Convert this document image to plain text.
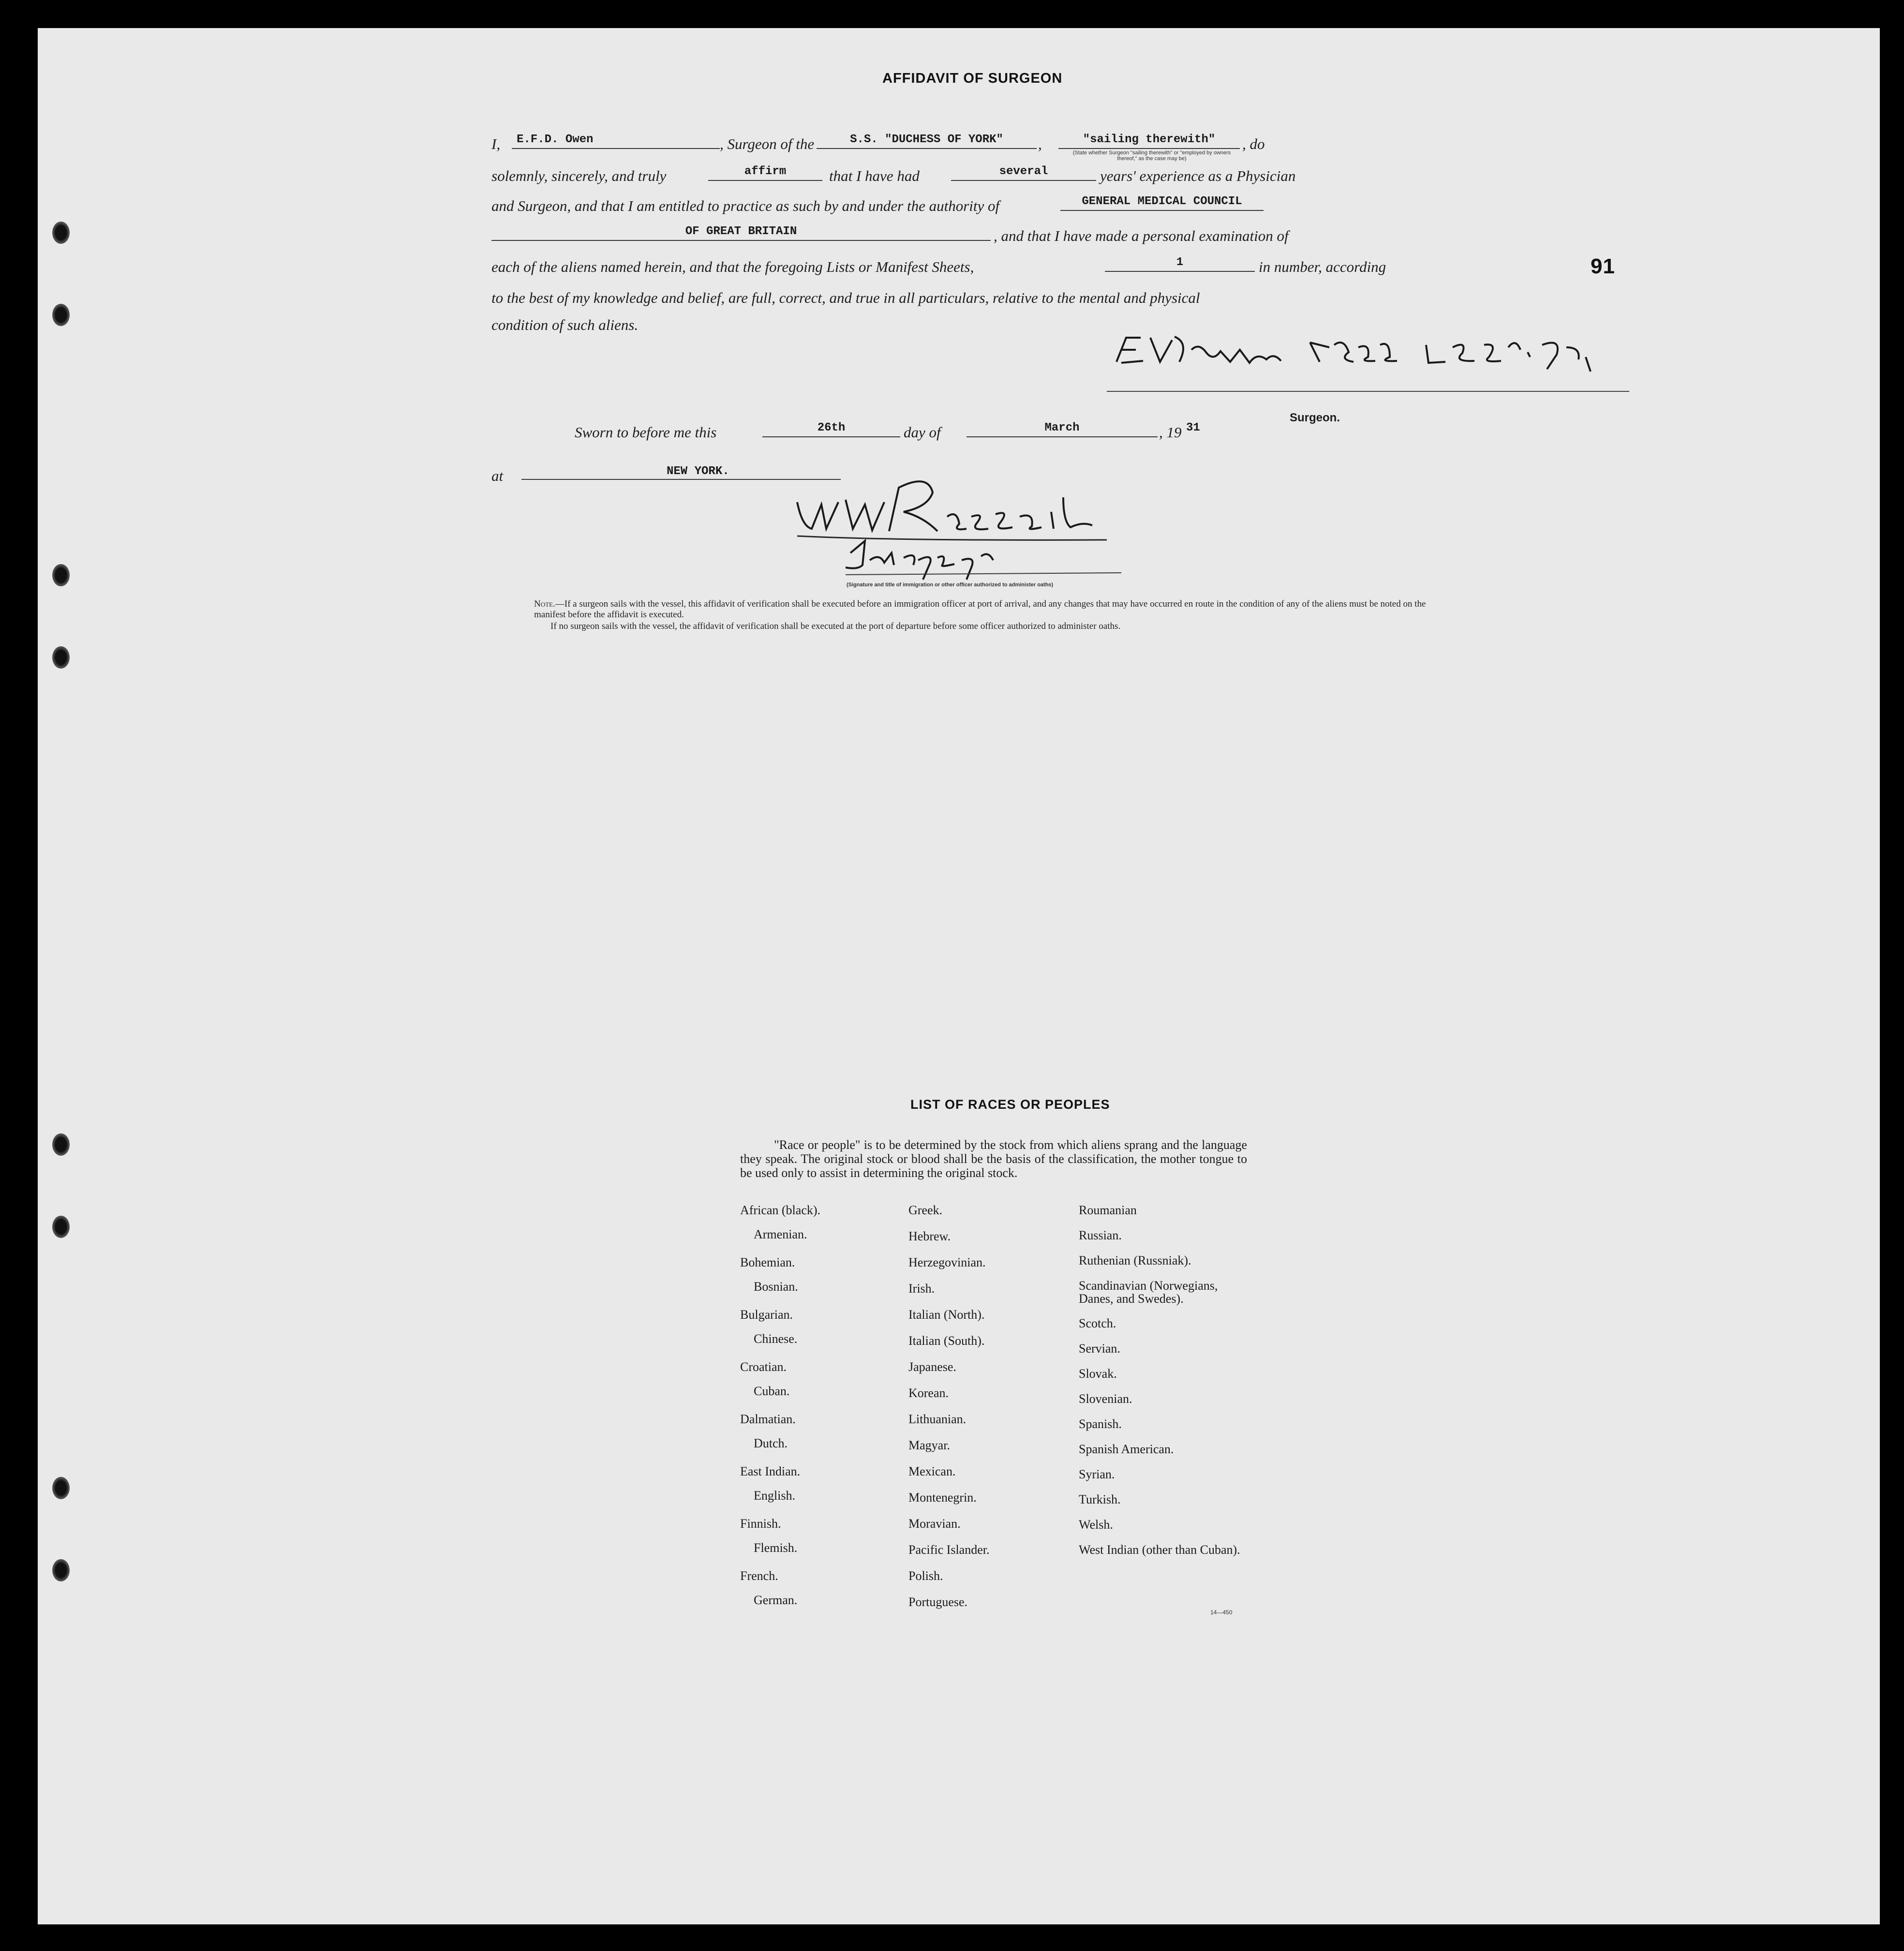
AFFIDAVIT OF SURGEON
91
I,	E.F.D. Owen	, Surgeon of the	S.S. "DUCHESS OF YORK"	,	"sailing therewith"	, do
(State whether Surgeon "sailing therewith" or "employed by owners thereof," as the case may be)
solemnly, sincerely, and truly	affirm	that I have had	several	years' experience as a Physician
and Surgeon, and that I am entitled to practice as such by and under the authority of	GENERAL MEDICAL COUNCIL
OF GREAT BRITAIN	, and that I have made a personal examination of
each of the aliens named herein, and that the foregoing Lists or Manifest Sheets,	1	in number, according
to the best of my knowledge and belief, are full, correct, and true in all particulars, relative to the mental and physical
condition of such aliens.
Surgeon.
Sworn to before me this	26th	day of	March	, 19 31
at	NEW YORK.
(Signature and title of immigration or other officer authorized to administer oaths)
Note.—If a surgeon sails with the vessel, this affidavit of verification shall be executed before an immigration officer at port of arrival, and any changes that may have occurred en route in the condition of any of the aliens must be noted on the manifest before the affidavit is executed.
If no surgeon sails with the vessel, the affidavit of verification shall be executed at the port of departure before some officer authorized to administer oaths.
LIST OF RACES OR PEOPLES
"Race or people" is to be determined by the stock from which aliens sprang and the language they speak. The original stock or blood shall be the basis of the classification, the mother tongue to be used only to assist in determining the original stock.
African (black).
Armenian.
Bohemian.
Bosnian.
Bulgarian.
Chinese.
Croatian.
Cuban.
Dalmatian.
Dutch.
East Indian.
English.
Finnish.
Flemish.
French.
German.
Greek.
Hebrew.
Herzegovinian.
Irish.
Italian (North).
Italian (South).
Japanese.
Korean.
Lithuanian.
Magyar.
Mexican.
Montenegrin.
Moravian.
Pacific Islander.
Polish.
Portuguese.
Roumanian
Russian.
Ruthenian (Russniak).
Scandinavian (Norwegians, Danes, and Swedes).
Scotch.
Servian.
Slovak.
Slovenian.
Spanish.
Spanish American.
Syrian.
Turkish.
Welsh.
West Indian (other than Cuban).
14—450
